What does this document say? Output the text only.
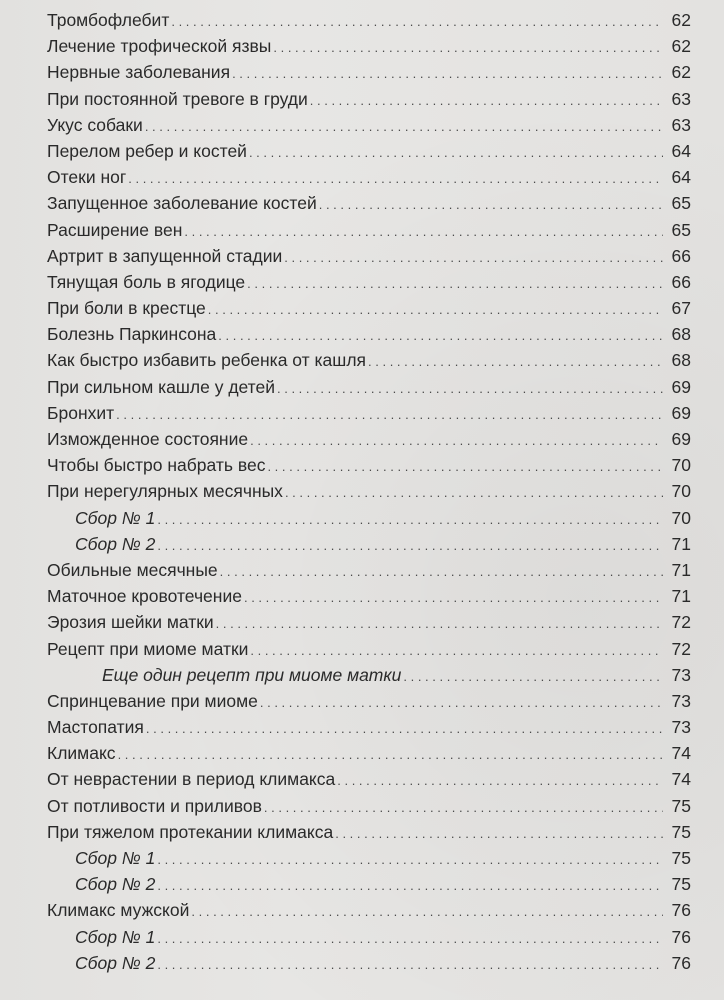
Тромбофлебит . . .	62
Лечение трофической язвы . . .	62
Нервные заболевания . . .	62
При постоянной тревоге в груди . . .	63
Укус собаки . . .	63
Перелом ребер и костей . . .	64
Отеки ног . . .	64
Запущенное заболевание костей . . .	65
Расширение вен . . .	65
Артрит в запущенной стадии . . .	66
Тянущая боль в ягодице . . .	66
При боли в крестце . . .	67
Болезнь Паркинсона . . .	68
Как быстро избавить ребенка от кашля . . .	68
При сильном кашле у детей . . .	69
Бронхит . . .	69
Изможденное состояние . . .	69
Чтобы быстро набрать вес . . .	70
При нерегулярных месячных . . .	70
Сбор № 1 . . .	70
Сбор № 2 . . .	71
Обильные месячные . . .	71
Маточное кровотечение . . .	71
Эрозия шейки матки . . .	72
Рецепт при миоме матки . . .	72
Еще один рецепт при миоме матки . . .	73
Спринцевание при миоме . . .	73
Мастопатия . . .	73
Климакс . . .	74
От неврастении в период климакса . . .	74
От потливости и приливов . . .	75
При тяжелом протекании климакса . . .	75
Сбор № 1 . . .	75
Сбор № 2 . . .	75
Климакс мужской . . .	76
Сбор № 1 . . .	76
Сбор № 2 . . .	76
